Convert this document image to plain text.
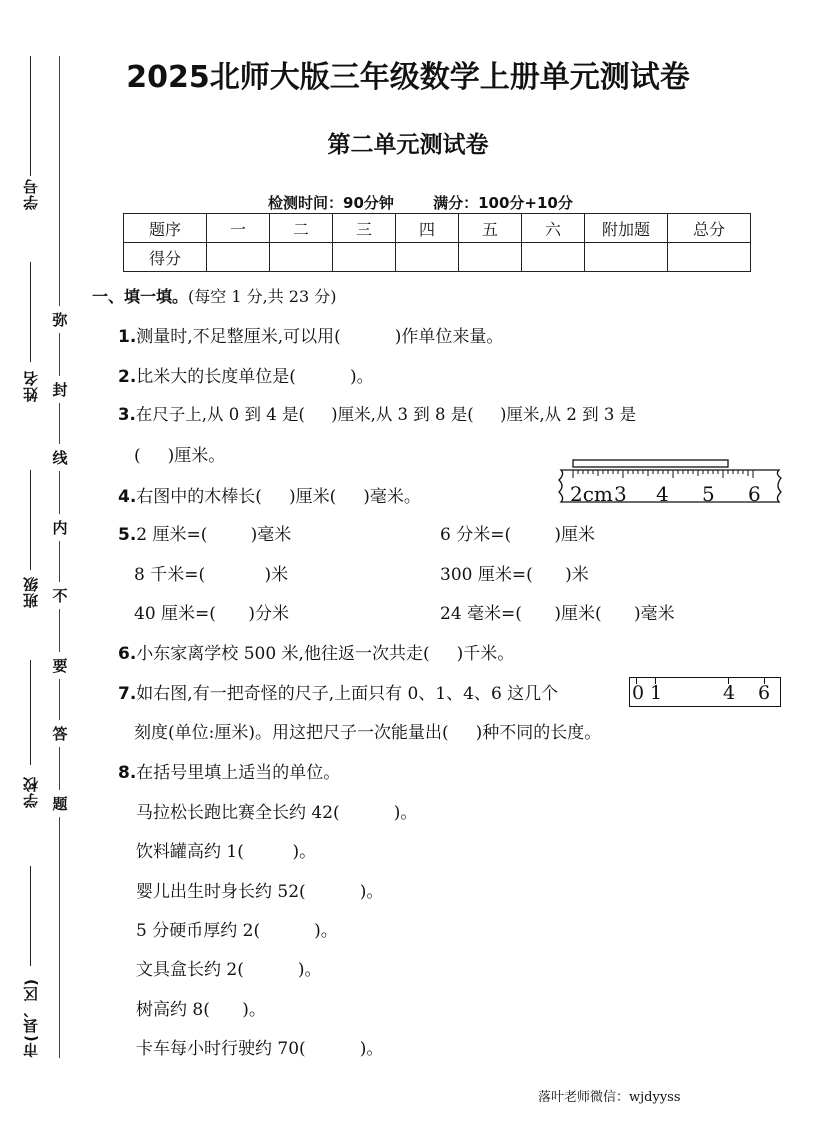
学号
姓名
班级
学校
市(县、区)
弥
封
线
内
不
要
答
题
2025北师大版三年级数学上册单元测试卷
第二单元测试卷
检测时间：90分钟	满分：100分+10分
题序	一	二	三	四	五	六	附加题	总分
得分								
一、填一填。(每空 1 分,共 23 分)
1.测量时,不足整厘米,可以用(          )作单位来量。
2.比米大的长度单位是(          )。
3.在尺子上,从 0 到 4 是(     )厘米,从 3 到 8 是(     )厘米,从 2 到 3 是
(     )厘米。
4.右图中的木棒长(     )厘米(     )毫米。	2cm 3 4 5 6
5.2 厘米=(        )毫米	6 分米=(        )厘米
8 千米=(           )米	300 厘米=(      )米
40 厘米=(      )分米	24 毫米=(      )厘米(      )毫米
6.小东家离学校 500 米,他往返一次共走(     )千米。
7.如右图,有一把奇怪的尺子,上面只有 0、1、4、6 这几个
刻度(单位:厘米)。用这把尺子一次能量出(     )种不同的长度。
0 1	4 6
8.在括号里填上适当的单位。
马拉松长跑比赛全长约 42(          )。
饮料罐高约 1(         )。
婴儿出生时身长约 52(          )。
5 分硬币厚约 2(          )。
文具盒长约 2(          )。
树高约 8(      )。
卡车每小时行驶约 70(          )。
落叶老师微信：wjdyyss
